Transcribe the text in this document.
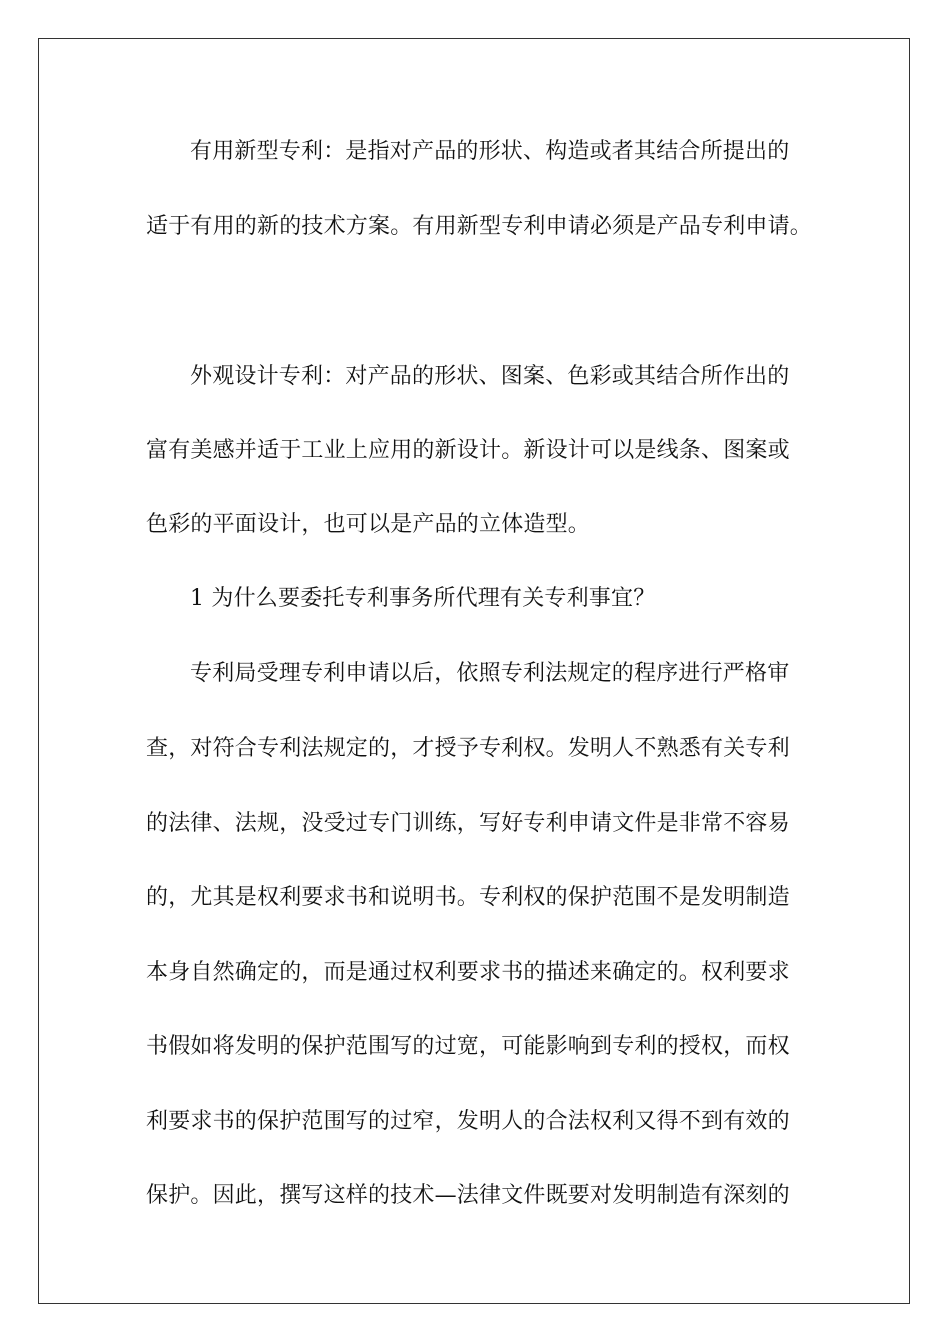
有用新型专利：是指对产品的形状、构造或者其结合所提出的
适于有用的新的技术方案。有用新型专利申请必须是产品专利申请。
外观设计专利：对产品的形状、图案、色彩或其结合所作出的
富有美感并适于工业上应用的新设计。新设计可以是线条、图案或
色彩的平面设计，也可以是产品的立体造型。
1 为什么要委托专利事务所代理有关专利事宜？
专利局受理专利申请以后，依照专利法规定的程序进行严格审
查，对符合专利法规定的，才授予专利权。发明人不熟悉有关专利
的法律、法规，没受过专门训练，写好专利申请文件是非常不容易
的，尤其是权利要求书和说明书。专利权的保护范围不是发明制造
本身自然确定的，而是通过权利要求书的描述来确定的。权利要求
书假如将发明的保护范围写的过宽，可能影响到专利的授权，而权
利要求书的保护范围写的过窄，发明人的合法权利又得不到有效的
保护。因此，撰写这样的技术—法律文件既要对发明制造有深刻的
